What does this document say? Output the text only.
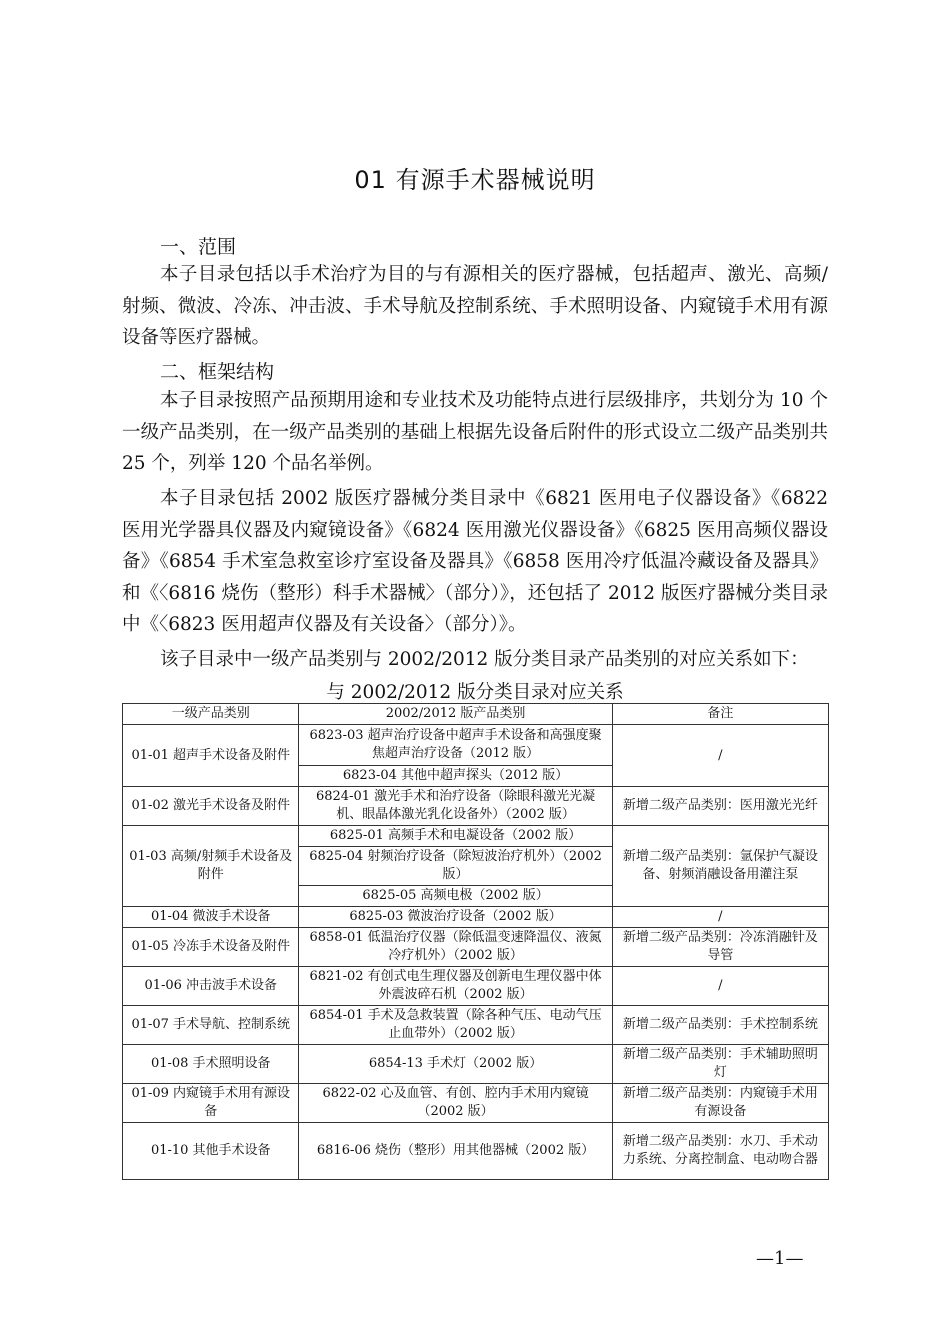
01 有源手术器械说明
一、范围

本子目录包括以手术治疗为目的与有源相关的医疗器械，包括超声、激光、高频/射频、微波、冷冻、冲击波、手术导航及控制系统、手术照明设备、内窥镜手术用有源设备等医疗器械。

二、框架结构

本子目录按照产品预期用途和专业技术及功能特点进行层级排序，共划分为 10 个一级产品类别，在一级产品类别的基础上根据先设备后附件的形式设立二级产品类别共 25 个，列举 120 个品名举例。

本子目录包括 2002 版医疗器械分类目录中《6821 医用电子仪器设备》《6822 医用光学器具仪器及内窥镜设备》《6824 医用激光仪器设备》《6825 医用高频仪器设备》《6854 手术室急救室诊疗室设备及器具》《6858 医用冷疗低温冷藏设备及器具》和《〈6816 烧伤（整形）科手术器械〉（部分）》，还包括了 2012 版医疗器械分类目录中《〈6823 医用超声仪器及有关设备〉（部分）》。

该子目录中一级产品类别与 2002/2012 版分类目录产品类别的对应关系如下：

与 2002/2012 版分类目录对应关系
一级产品类别	2002/2012 版产品类别	备注
01-01 超声手术设备及附件	6823-03 超声治疗设备中超声手术设备和高强度聚焦超声治疗设备（2012 版）	/
	6823-04 其他中超声探头（2012 版）	
01-02 激光手术设备及附件	6824-01 激光手术和治疗设备（除眼科激光光凝机、眼晶体激光乳化设备外）（2002 版）	新增二级产品类别：医用激光光纤
01-03 高频/射频手术设备及附件	6825-01 高频手术和电凝设备（2002 版）	新增二级产品类别：氩保护气凝设备、射频消融设备用灌注泵
	6825-04 射频治疗设备（除短波治疗机外）（2002 版）	
	6825-05 高频电极（2002 版）	
01-04 微波手术设备	6825-03 微波治疗设备（2002 版）	/
01-05 冷冻手术设备及附件	6858-01 低温治疗仪器（除低温变速降温仪、液氮冷疗机外）（2002 版）	新增二级产品类别：冷冻消融针及导管
01-06 冲击波手术设备	6821-02 有创式电生理仪器及创新电生理仪器中体外震波碎石机（2002 版）	/
01-07 手术导航、控制系统	6854-01 手术及急救装置（除各种气压、电动气压止血带外）（2002 版）	新增二级产品类别：手术控制系统
01-08 手术照明设备	6854-13 手术灯（2002 版）	新增二级产品类别：手术辅助照明灯
01-09 内窥镜手术用有源设备	6822-02 心及血管、有创、腔内手术用内窥镜（2002 版）	新增二级产品类别：内窥镜手术用有源设备
01-10 其他手术设备	6816-06 烧伤（整形）用其他器械（2002 版）	新增二级产品类别：水刀、手术动力系统、分离控制盒、电动吻合器
—1—
